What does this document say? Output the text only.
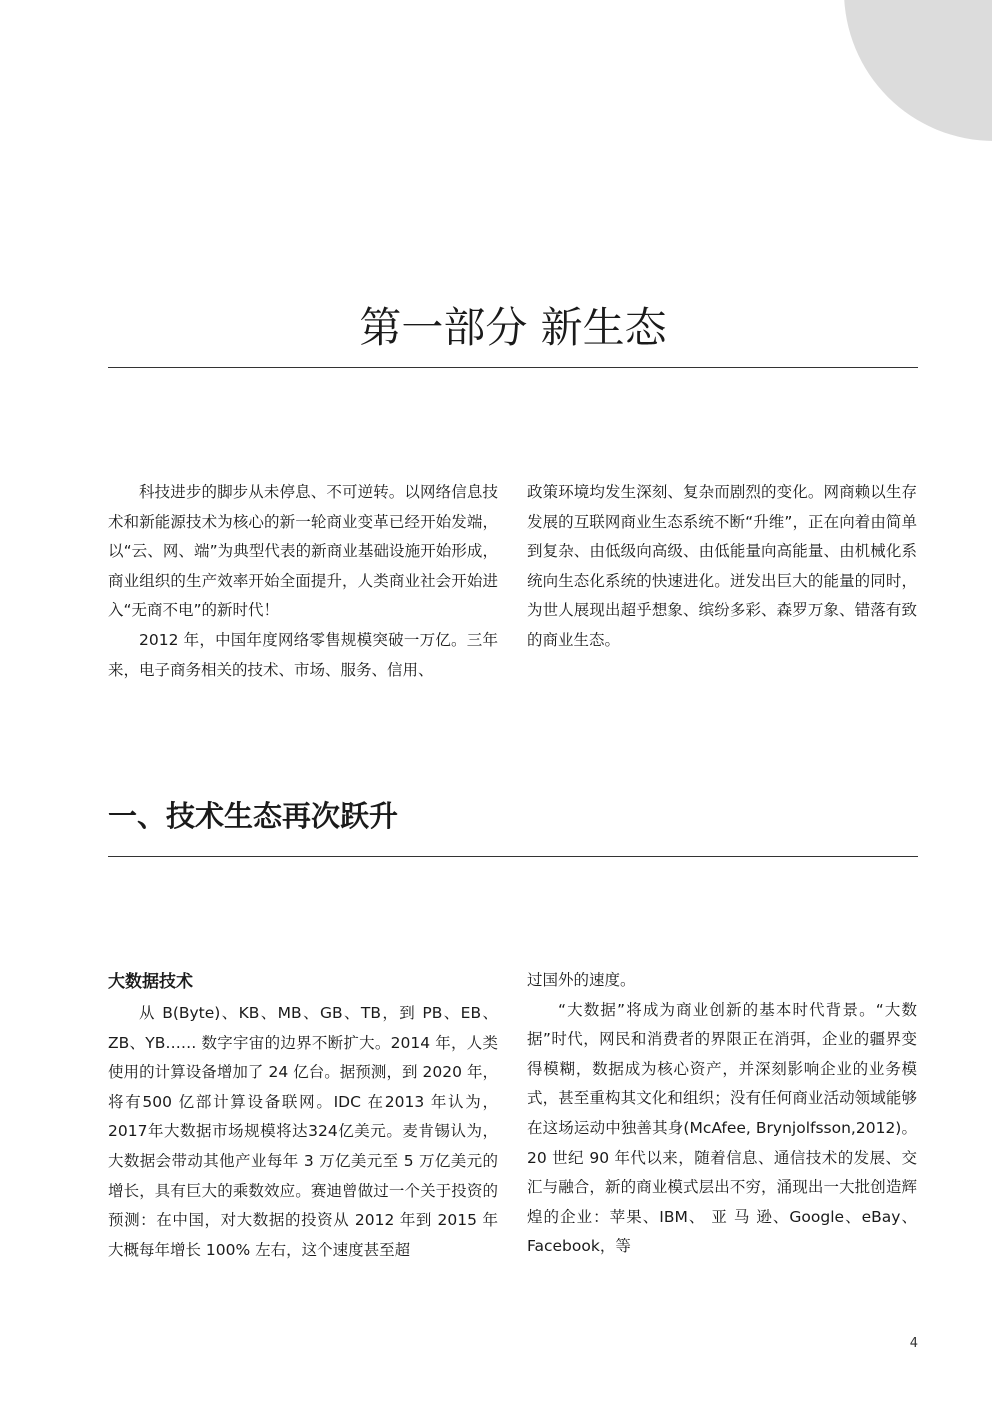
第一部分 新生态

科技进步的脚步从未停息、不可逆转。以网络信息技术和新能源技术为核心的新一轮商业变革已经开始发端，以“云、网、端”为典型代表的新商业基础设施开始形成，商业组织的生产效率开始全面提升，人类商业社会开始进入“无商不电”的新时代！

2012 年，中国年度网络零售规模突破一万亿。三年来，电子商务相关的技术、市场、服务、信用、

政策环境均发生深刻、复杂而剧烈的变化。网商赖以生存发展的互联网商业生态系统不断“升维”，正在向着由简单到复杂、由低级向高级、由低能量向高能量、由机械化系统向生态化系统的快速进化。迸发出巨大的能量的同时，为世人展现出超乎想象、缤纷多彩、森罗万象、错落有致的商业生态。

一、技术生态再次跃升
大数据技术

从 B(Byte)、KB、MB、GB、TB，到 PB、EB、ZB、YB…… 数字宇宙的边界不断扩大。2014 年，人类使用的计算设备增加了 24 亿台。据预测，到 2020 年，将有500 亿部计算设备联网。IDC 在2013 年认为，2017年大数据市场规模将达324亿美元。麦肯锡认为，大数据会带动其他产业每年 3 万亿美元至 5 万亿美元的增长，具有巨大的乘数效应。赛迪曾做过一个关于投资的预测：在中国，对大数据的投资从 2012 年到 2015 年大概每年增长 100% 左右，这个速度甚至超

过国外的速度。

“大数据”将成为商业创新的基本时代背景。“大数据”时代，网民和消费者的界限正在消弭，企业的疆界变得模糊，数据成为核心资产，并深刻影响企业的业务模式，甚至重构其文化和组织；没有任何商业活动领域能够在这场运动中独善其身(McAfee, Brynjolfsson,2012)。20 世纪 90 年代以来，随着信息、通信技术的发展、交汇与融合，新的商业模式层出不穷，涌现出一大批创造辉煌的企业：苹果、IBM、 亚 马 逊、Google、eBay、Facebook，等

4
